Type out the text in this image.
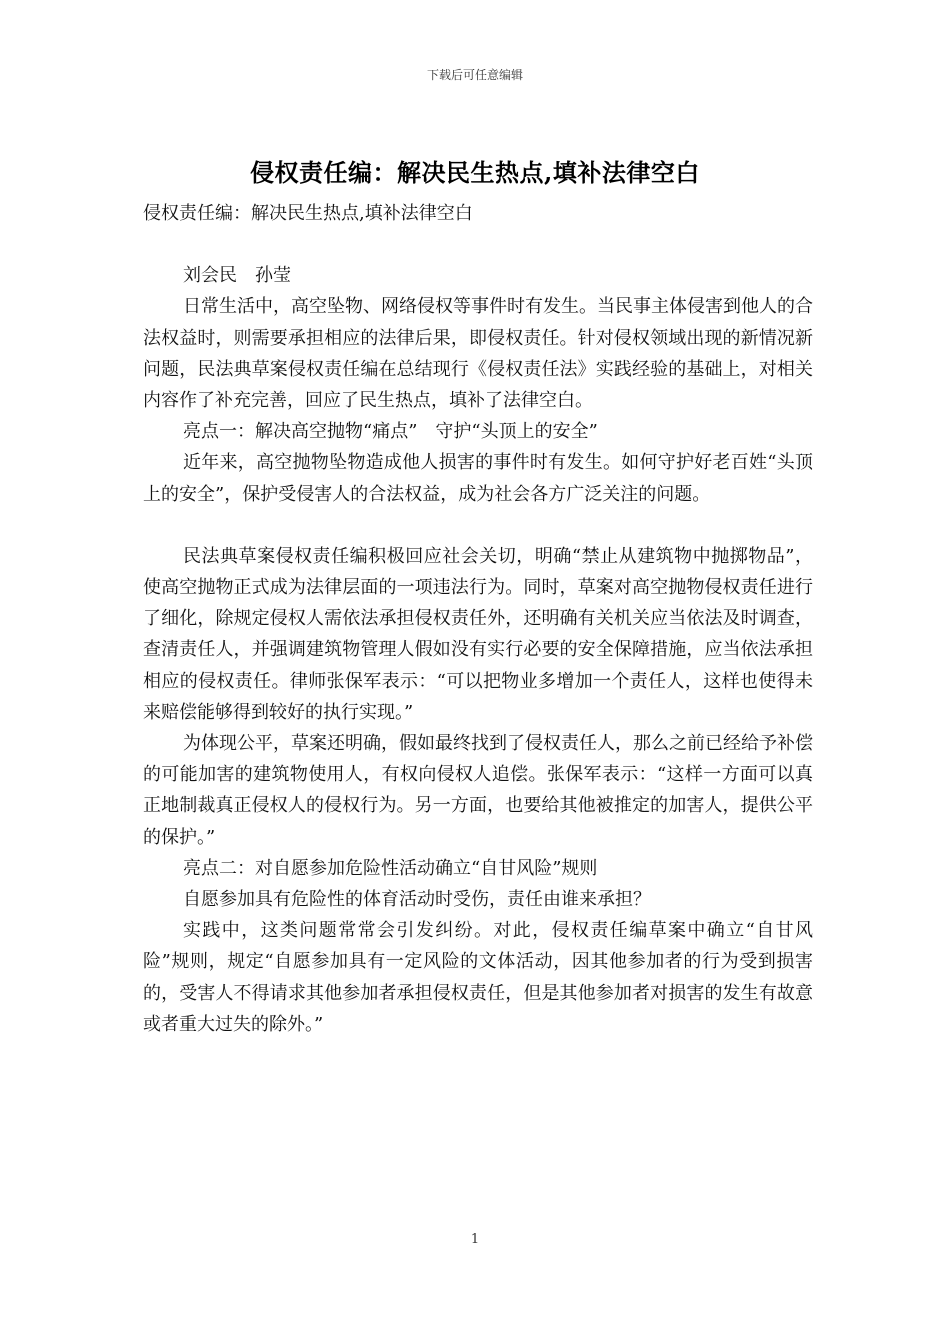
下载后可任意编辑
侵权责任编：解决民生热点,填补法律空白

侵权责任编：解决民生热点,填补法律空白

刘会民　孙莹

日常生活中，高空坠物、网络侵权等事件时有发生。当民事主体侵害到他人的合法权益时，则需要承担相应的法律后果，即侵权责任。针对侵权领域出现的新情况新问题，民法典草案侵权责任编在总结现行《侵权责任法》实践经验的基础上，对相关内容作了补充完善，回应了民生热点，填补了法律空白。

亮点一：解决高空抛物“痛点”　守护“头顶上的安全”

近年来，高空抛物坠物造成他人损害的事件时有发生。如何守护好老百姓“头顶上的安全”，保护受侵害人的合法权益，成为社会各方广泛关注的问题。

民法典草案侵权责任编积极回应社会关切，明确“禁止从建筑物中抛掷物品”，使高空抛物正式成为法律层面的一项违法行为。同时，草案对高空抛物侵权责任进行了细化，除规定侵权人需依法承担侵权责任外，还明确有关机关应当依法及时调查，查清责任人，并强调建筑物管理人假如没有实行必要的安全保障措施，应当依法承担相应的侵权责任。律师张保军表示：“可以把物业多增加一个责任人，这样也使得未来赔偿能够得到较好的执行实现。”

为体现公平，草案还明确，假如最终找到了侵权责任人，那么之前已经给予补偿的可能加害的建筑物使用人，有权向侵权人追偿。张保军表示：“这样一方面可以真正地制裁真正侵权人的侵权行为。另一方面，也要给其他被推定的加害人，提供公平的保护。”

亮点二：对自愿参加危险性活动确立“自甘风险”规则

自愿参加具有危险性的体育活动时受伤，责任由谁来承担？

实践中，这类问题常常会引发纠纷。对此，侵权责任编草案中确立“自甘风险”规则，规定“自愿参加具有一定风险的文体活动，因其他参加者的行为受到损害的，受害人不得请求其他参加者承担侵权责任，但是其他参加者对损害的发生有故意或者重大过失的除外。”

1
